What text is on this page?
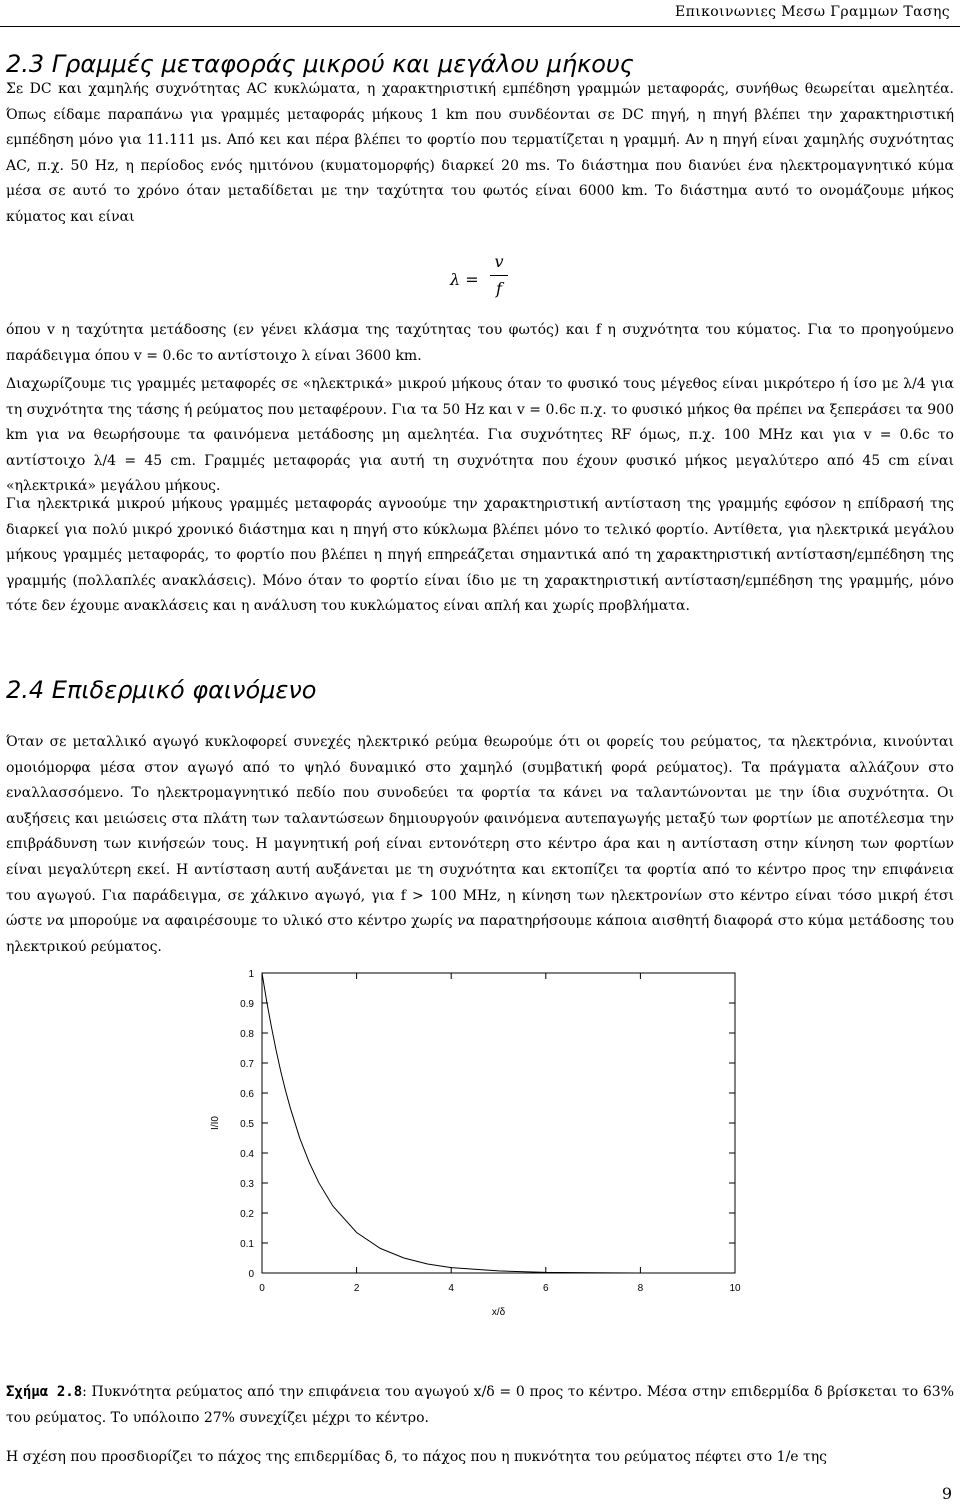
Επικοινωνιες Μεσω Γραμμων Τασης
2.3 Γραμμές μεταφοράς μικρού και μεγάλου μήκους

Σε DC και χαμηλής συχνότητας AC κυκλώματα, η χαρακτηριστική εμπέδηση γραμμών μεταφοράς, συνήθως θεωρείται αμελητέα. Όπως είδαμε παραπάνω για γραμμές μεταφοράς μήκους 1 km που συνδέονται σε DC πηγή, η πηγή βλέπει την χαρακτηριστική εμπέδηση μόνο για 11.111 μs. Από κει και πέρα βλέπει το φορτίο που τερματίζεται η γραμμή. Αν η πηγή είναι χαμηλής συχνότητας AC, π.χ. 50 Hz, η περίοδος ενός ημιτόνου (κυματομορφής) διαρκεί 20 ms. Το διάστημα που διανύει ένα ηλεκτρομαγνητικό κύμα μέσα σε αυτό το χρόνο όταν μεταδίδεται με την ταχύτητα του φωτός είναι 6000 km. Το διάστημα αυτό το ονομάζουμε μήκος κύματος και είναι

λ =
v
f

όπου v η ταχύτητα μετάδοσης (εν γένει κλάσμα της ταχύτητας του φωτός) και f η συχνότητα του κύματος. Για το προηγούμενο παράδειγμα όπου v = 0.6c το αντίστοιχο λ είναι 3600 km.

Διαχωρίζουμε τις γραμμές μεταφορές σε «ηλεκτρικά» μικρού μήκους όταν το φυσικό τους μέγεθος είναι μικρότερο ή ίσο με λ/4 για τη συχνότητα της τάσης ή ρεύματος που μεταφέρουν. Για τα 50 Hz και v = 0.6c π.χ. το φυσικό μήκος θα πρέπει να ξεπεράσει τα 900 km για να θεωρήσουμε τα φαινόμενα μετάδοσης μη αμελητέα. Για συχνότητες RF όμως, π.χ. 100 MHz και για v = 0.6c το αντίστοιχο λ/4 = 45 cm. Γραμμές μεταφοράς για αυτή τη συχνότητα που έχουν φυσικό μήκος μεγαλύτερο από 45 cm είναι «ηλεκτρικά» μεγάλου μήκους.

Για ηλεκτρικά μικρού μήκους γραμμές μεταφοράς αγνοούμε την χαρακτηριστική αντίσταση της γραμμής εφόσον η επίδρασή της διαρκεί για πολύ μικρό χρονικό διάστημα και η πηγή στο κύκλωμα βλέπει μόνο το τελικό φορτίο. Αντίθετα, για ηλεκτρικά μεγάλου μήκους γραμμές μεταφοράς, το φορτίο που βλέπει η πηγή επηρεάζεται σημαντικά από τη χαρακτηριστική αντίσταση/εμπέδηση της γραμμής (πολλαπλές ανακλάσεις). Μόνο όταν το φορτίο είναι ίδιο με τη χαρακτηριστική αντίσταση/εμπέδηση της γραμμής, μόνο τότε δεν έχουμε ανακλάσεις και η ανάλυση του κυκλώματος είναι απλή και χωρίς προβλήματα.

2.4 Επιδερμικό φαινόμενο

Όταν σε μεταλλικό αγωγό κυκλοφορεί συνεχές ηλεκτρικό ρεύμα θεωρούμε ότι οι φορείς του ρεύματος, τα ηλεκτρόνια, κινούνται ομοιόμορφα μέσα στον αγωγό από το ψηλό δυναμικό στο χαμηλό (συμβατική φορά ρεύματος). Τα πράγματα αλλάζουν στο εναλλασσόμενο. Το ηλεκτρομαγνητικό πεδίο που συνοδεύει τα φορτία τα κάνει να ταλαντώνονται με την ίδια συχνότητα. Οι αυξήσεις και μειώσεις στα πλάτη των ταλαντώσεων δημιουργούν φαινόμενα αυτεπαγωγής μεταξύ των φορτίων με αποτέλεσμα την επιβράδυνση των κινήσεών τους. Η μαγνητική ροή είναι εντονότερη στο κέντρο άρα και η αντίσταση στην κίνηση των φορτίων είναι μεγαλύτερη εκεί. Η αντίσταση αυτή αυξάνεται με τη συχνότητα και εκτοπίζει τα φορτία από το κέντρο προς την επιφάνεια του αγωγού. Για παράδειγμα, σε χάλκινο αγωγό, για f > 100 MHz, η κίνηση των ηλεκτρονίων στο κέντρο είναι τόσο μικρή έτσι ώστε να μπορούμε να αφαιρέσουμε το υλικό στο κέντρο χωρίς να παρατηρήσουμε κάποια αισθητή διαφορά στο κύμα μετάδοσης του ηλεκτρικού ρεύματος.

0	2	4	6	8	10
0
0.1
0.2
0.3
0.4
0.5
0.6
0.7
0.8
0.9
1
x/δ
I/I0

Σχήμα 2.8: Πυκνότητα ρεύματος από την επιφάνεια του αγωγού x/δ = 0 προς το κέντρο. Μέσα στην επιδερμίδα δ βρίσκεται το 63% του ρεύματος. Το υπόλοιπο 27% συνεχίζει μέχρι το κέντρο.

Η σχέση που προσδιορίζει το πάχος της επιδερμίδας δ, το πάχος που η πυκνότητα του ρεύματος πέφτει στο 1/e της

9
